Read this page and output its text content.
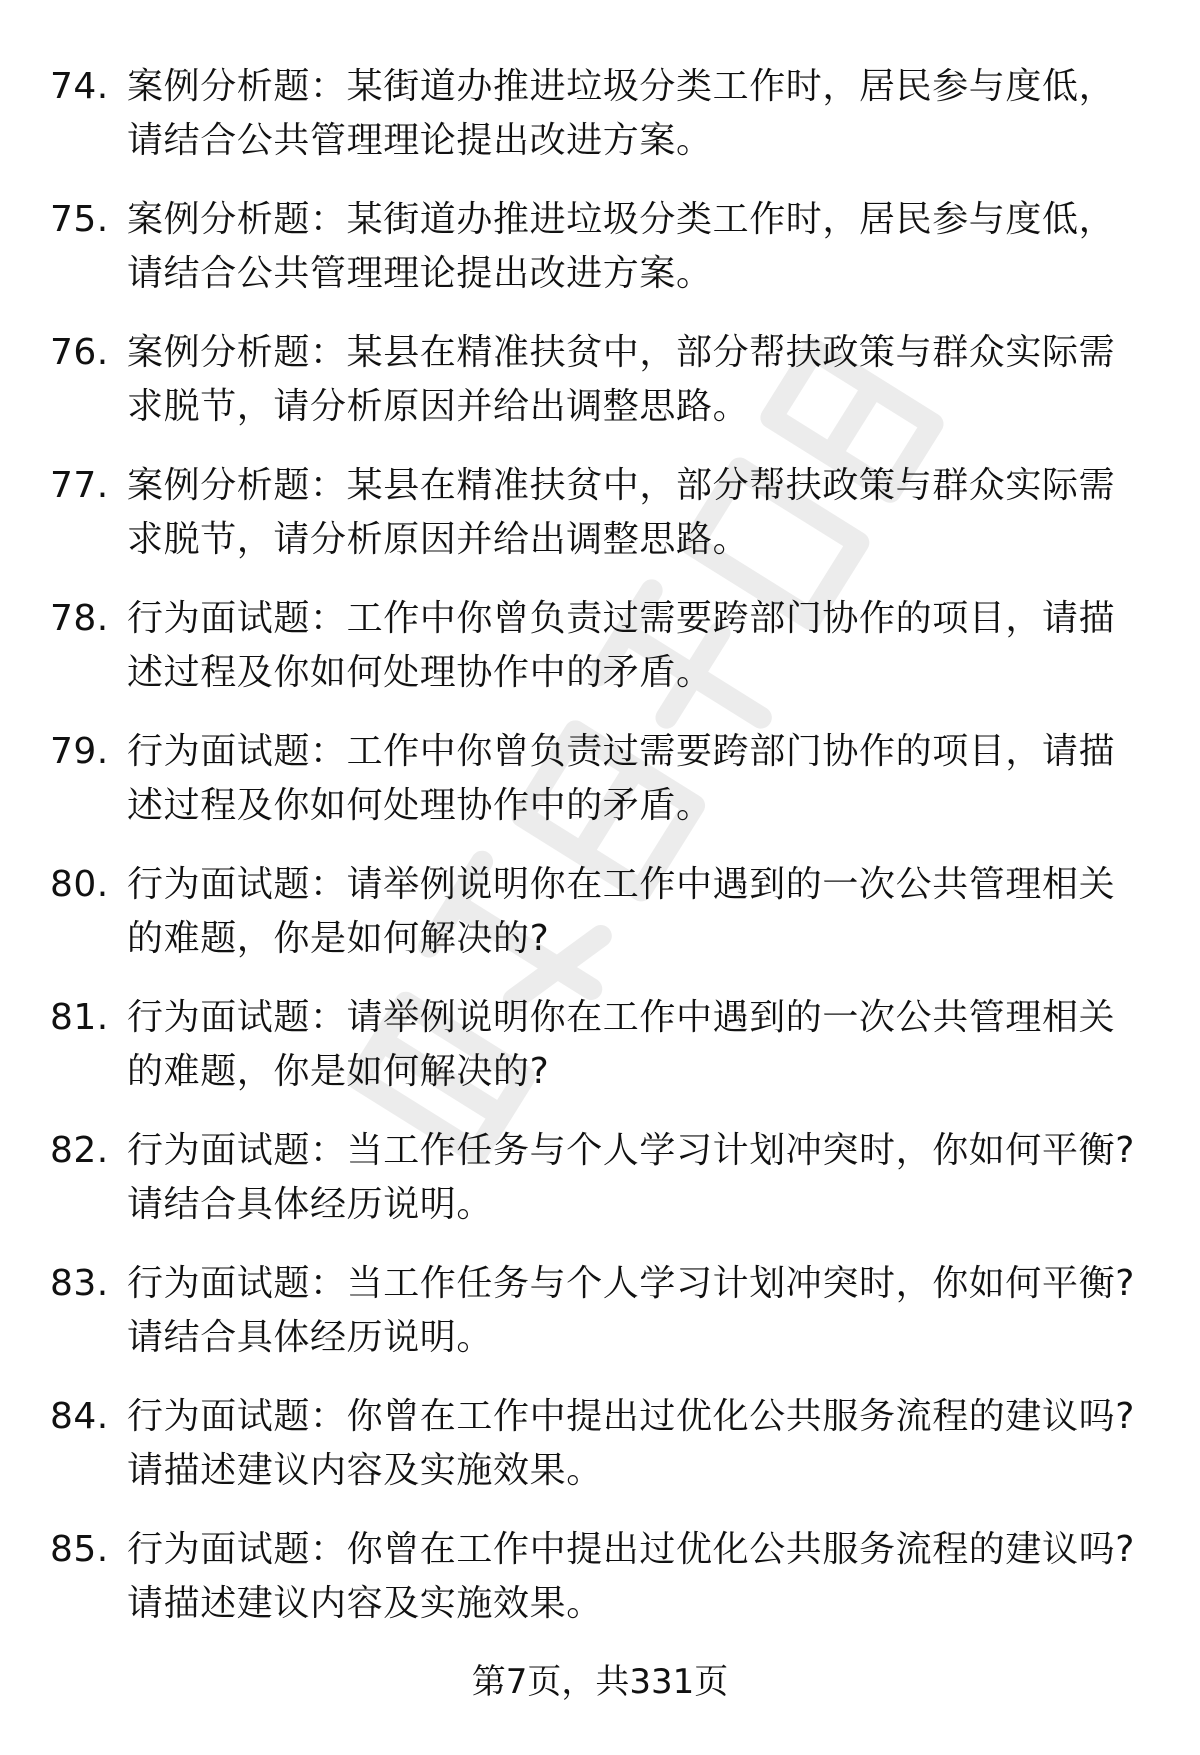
74. 案例分析题：某街道办推进垃圾分类工作时，居民参与度低，请结合公共管理理论提出改进方案。
75. 案例分析题：某街道办推进垃圾分类工作时，居民参与度低，请结合公共管理理论提出改进方案。
76. 案例分析题：某县在精准扶贫中，部分帮扶政策与群众实际需求脱节，请分析原因并给出调整思路。
77. 案例分析题：某县在精准扶贫中，部分帮扶政策与群众实际需求脱节，请分析原因并给出调整思路。
78. 行为面试题：工作中你曾负责过需要跨部门协作的项目，请描述过程及你如何处理协作中的矛盾。
79. 行为面试题：工作中你曾负责过需要跨部门协作的项目，请描述过程及你如何处理协作中的矛盾。
80. 行为面试题：请举例说明你在工作中遇到的一次公共管理相关的难题，你是如何解决的?
81. 行为面试题：请举例说明你在工作中遇到的一次公共管理相关的难题，你是如何解决的?
82. 行为面试题：当工作任务与个人学习计划冲突时，你如何平衡?请结合具体经历说明。
83. 行为面试题：当工作任务与个人学习计划冲突时，你如何平衡?请结合具体经历说明。
84. 行为面试题：你曾在工作中提出过优化公共服务流程的建议吗?请描述建议内容及实施效果。
85. 行为面试题：你曾在工作中提出过优化公共服务流程的建议吗?请描述建议内容及实施效果。
第7页，共331页
